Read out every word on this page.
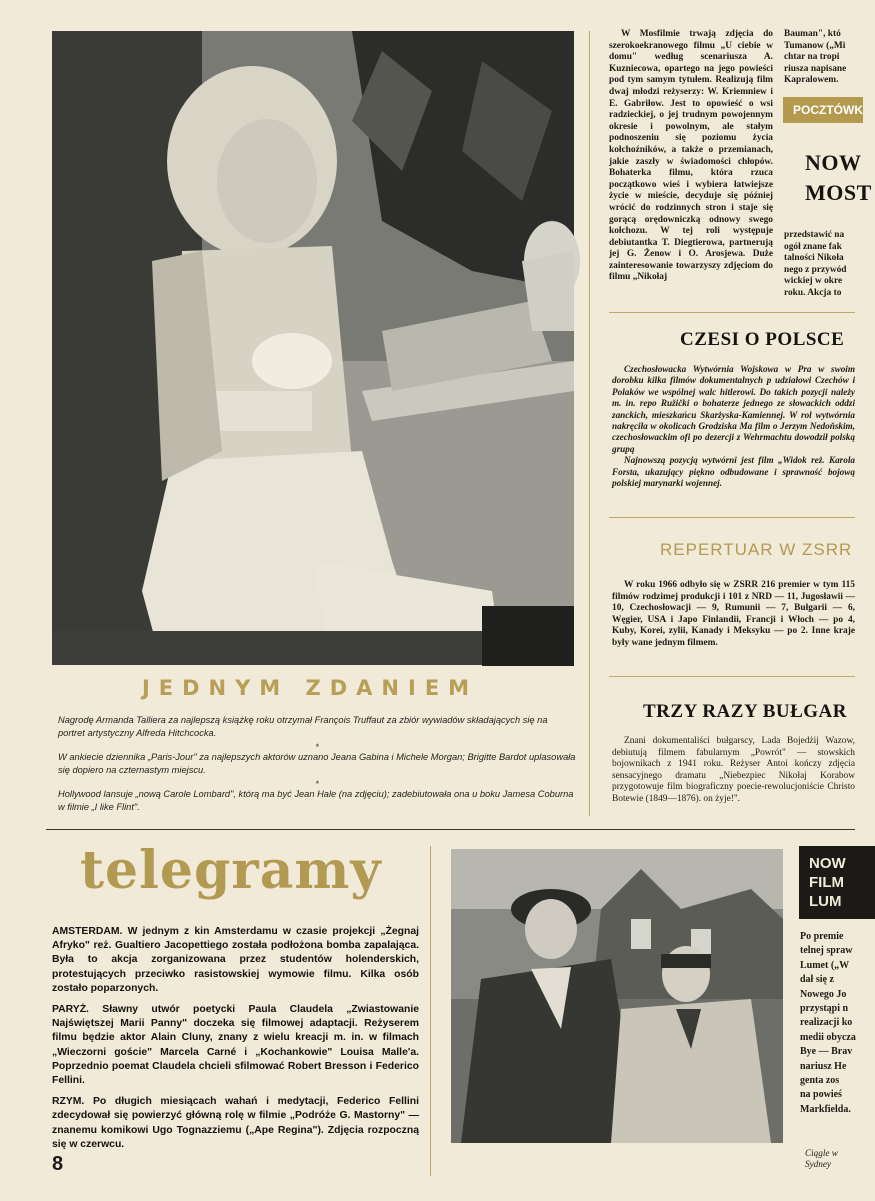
JEDNYM ZDANIEM

Nagrodę Armanda Talliera za najlepszą książkę roku otrzymał François Truffaut za zbiór wywiadów składających się na portret artystyczny Alfreda Hitchcocka.

*

W ankiecie dziennika „Paris-Jour" za najlepszych aktorów uznano Jeana Gabina i Michele Morgan; Brigitte Bardot uplasowała się dopiero na czternastym miejscu.

*

Hollywood lansuje „nową Carole Lombard", którą ma być Jean Hale (na zdjęciu); zadebiutowała ona u boku Jamesa Coburna w filmie „I like Flint".

W Mosfilmie trwają zdjęcia do szerokoekranowego filmu „U ciebie w domu" według scenariusza A. Kuzniecowa, opartego na jego powieści pod tym samym tytułem. Realizują film dwaj młodzi reżyserzy: W. Kriemniew i E. Gabriłow. Jest to opowieść o wsi radzieckiej, o jej trudnym powojennym okresie i powolnym, ale stałym podnoszeniu się poziomu życia kołchoźników, a także o przemianach, jakie zaszły w świadomości chłopów. Bohaterka filmu, która rzuca początkowo wieś i wybiera łatwiejsze życie w mieście, decyduje się później wrócić do rodzinnych stron i staje się gorącą orędowniczką odnowy swego kołchozu. W tej roli występuje debiutantka T. Diegtierowa, partnerują jej G. Żenow i O. Arosjewa. Duże zainteresowanie towarzyszy zdjęciom do filmu „Nikołaj

Bauman", któ
Tumanow („Mi
chtar na tropi
riusza napisane
Kapralowem.
POCZTÓWK
NOW
MOST
przedstawić na
ogół znane fak
talności Nikoła
nego z przywód
wickiej w okre
roku. Akcja to
CZESI O POLSCE

Czechosłowacka Wytwórnia Wojskowa w Pra w swoim dorobku kilka filmów dokumentalnych p udziałowi Czechów i Polaków we wspólnej walc hitlerowi. Do takich pozycji należy m. in. repo Ružički o bohaterze jednego ze słowackich oddzi zanckich, mieszkańcu Skarżyska-Kamiennej. W rol wytwórnia nakręciła w okolicach Grodziska Ma film o Jerzym Nedoňskim, czechosłowackim ofi po dezercji z Wehrmachtu dowodził polską grupą

Najnowszą pozycją wytwórni jest film „Widok reż. Karola Forsta, ukazujący piękno odbudowane i sprawność bojową polskiej marynarki wojennej.

REPERTUAR W ZSRR

W roku 1966 odbyło się w ZSRR 216 premier w tym 115 filmów rodzimej produkcji i 101 z NRD — 11, Jugosławii — 10, Czechosłowacji — 9, Rumunii — 7, Bułgarii — 6, Węgier, USA i Japo Finlandii, Francji i Włoch — po 4, Kuby, Korei, zylii, Kanady i Meksyku — po 2. Inne kraje były wane jednym filmem.

TRZY RAZY BUŁGAR

Znani dokumentaliści bułgarscy, Lada Bojedżij Wazow, debiutują filmem fabularnym „Powrót" — stowskich bojownikach z 1941 roku. Reżyser Antoi kończy zdjęcia sensacyjnego dramatu „Niebezpiec Nikołaj Korabow przygotowuje film biograficzny poecie-rewolucjoniście Christo Botewie (1849—1876). on żyje!".

telegramy

AMSTERDAM. W jednym z kin Amsterdamu w czasie projekcji „Żegnaj Afryko" reż. Gualtiero Jacopettiego została podłożona bomba zapalająca. Była to akcja zorganizowana przez studentów holenderskich, protestujących przeciwko rasistowskiej wymowie filmu. Kilka osób zostało poparzonych.

PARYŻ. Sławny utwór poetycki Paula Claudela „Zwiastowanie Najświętszej Marii Panny" doczeka się filmowej adaptacji. Reżyserem filmu będzie aktor Alain Cluny, znany z wielu kreacji m. in. w filmach „Wieczorni goście" Marcela Carné i „Kochankowie" Louisa Malle'a. Poprzednio poemat Claudela chcieli sfilmować Robert Bresson i Federico Fellini.

RZYM. Po długich miesiącach wahań i medytacji, Federico Fellini zdecydował się powierzyć główną rolę w filmie „Podróże G. Mastorny" — znanemu komikowi Ugo Tognazziemu („Ape Regina"). Zdjęcia rozpoczną się w czerwcu.

NOW
FILM
LUM
Po premie
telnej spraw
Lumet („W
dał się z
Nowego Jo
przystąpi n
realizacji ko
medii obycza
Bye — Brav
nariusz He
genta zos
na powieś
Markfielda.
Ciągle w
Sydney
8
